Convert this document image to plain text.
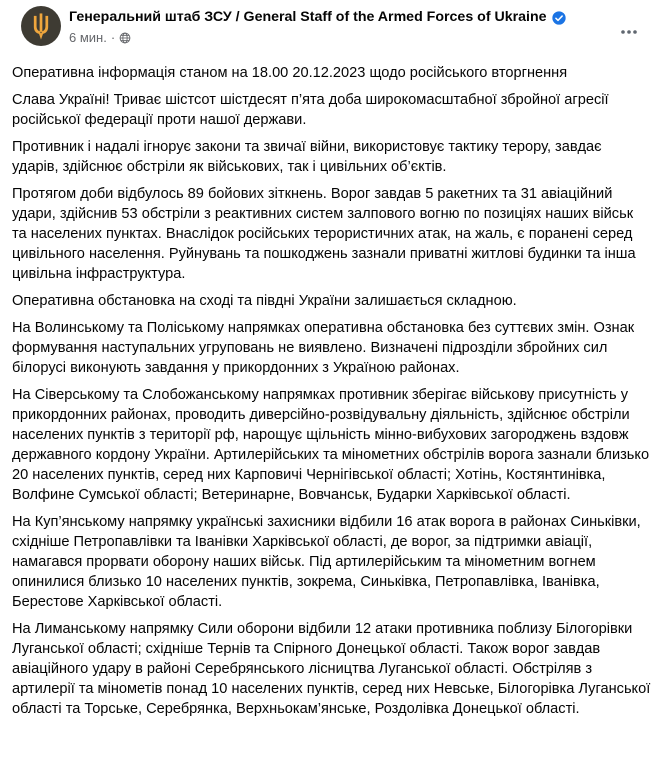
Генеральний штаб ЗСУ / General Staff of the Armed Forces of Ukraine
6 мин. ·

Оперативна інформація станом на 18.00 20.12.2023 щодо російського вторгнення

Слава Україні! Триває шістсот шістдесят п’ята доба широкомасштабної збройної агресії російської федерації проти нашої держави.

Противник і надалі ігнорує закони та звичаї війни, використовує тактику терору, завдає ударів, здійснює обстріли як військових, так і цивільних об’єктів.

Протягом доби відбулось 89 бойових зіткнень. Ворог завдав 5 ракетних та 31 авіаційний удари, здійснив 53 обстріли з реактивних систем залпового вогню по позиціях наших військ та населених пунктах. Внаслідок російських терористичних атак, на жаль, є поранені серед цивільного населення. Руйнувань та пошкоджень зазнали приватні житлові будинки та інша цивільна інфраструктура.

Оперативна обстановка на сході та півдні України залишається складною.

На Волинському та Поліському напрямках оперативна обстановка без суттєвих змін. Ознак формування наступальних угруповань не виявлено. Визначені підрозділи збройних сил білорусі виконують завдання у прикордонних з Україною районах.

На Сіверському та Слобожанському напрямках противник зберігає військову присутність у прикордонних районах, проводить диверсійно-розвідувальну діяльність, здійснює обстріли населених пунктів з території рф, нарощує щільність мінно-вибухових загороджень вздовж державного кордону України. Артилерійських та мінометних обстрілів ворога зазнали близько 20 населених пунктів, серед них Карповичі Чернігівської області; Хотінь, Костянтинівка, Волфине Сумської області; Ветеринарне, Вовчанськ, Бударки Харківської області.

На Куп’янському напрямку українські захисники відбили 16 атак ворога в районах Синьківки, східніше Петропавлівки та Іванівки Харківської області, де ворог, за підтримки авіації, намагався прорвати оборону наших військ. Під артилерійським та мінометним вогнем опинилися близько 10 населених пунктів, зокрема, Синьківка, Петропавлівка, Іванівка, Берестове Харківської області.

На Лиманському напрямку Сили оборони відбили 12 атаки противника поблизу Білогорівки Луганської області; східніше Тернів та Спірного Донецької області. Також ворог завдав авіаційного удару в районі Серебрянського лісництва Луганської області. Обстріляв з артилерії та мінометів понад 10 населених пунктів, серед них Невське, Білогорівка Луганської області та Торське, Серебрянка, Верхньокам’янське, Роздолівка Донецької області.
